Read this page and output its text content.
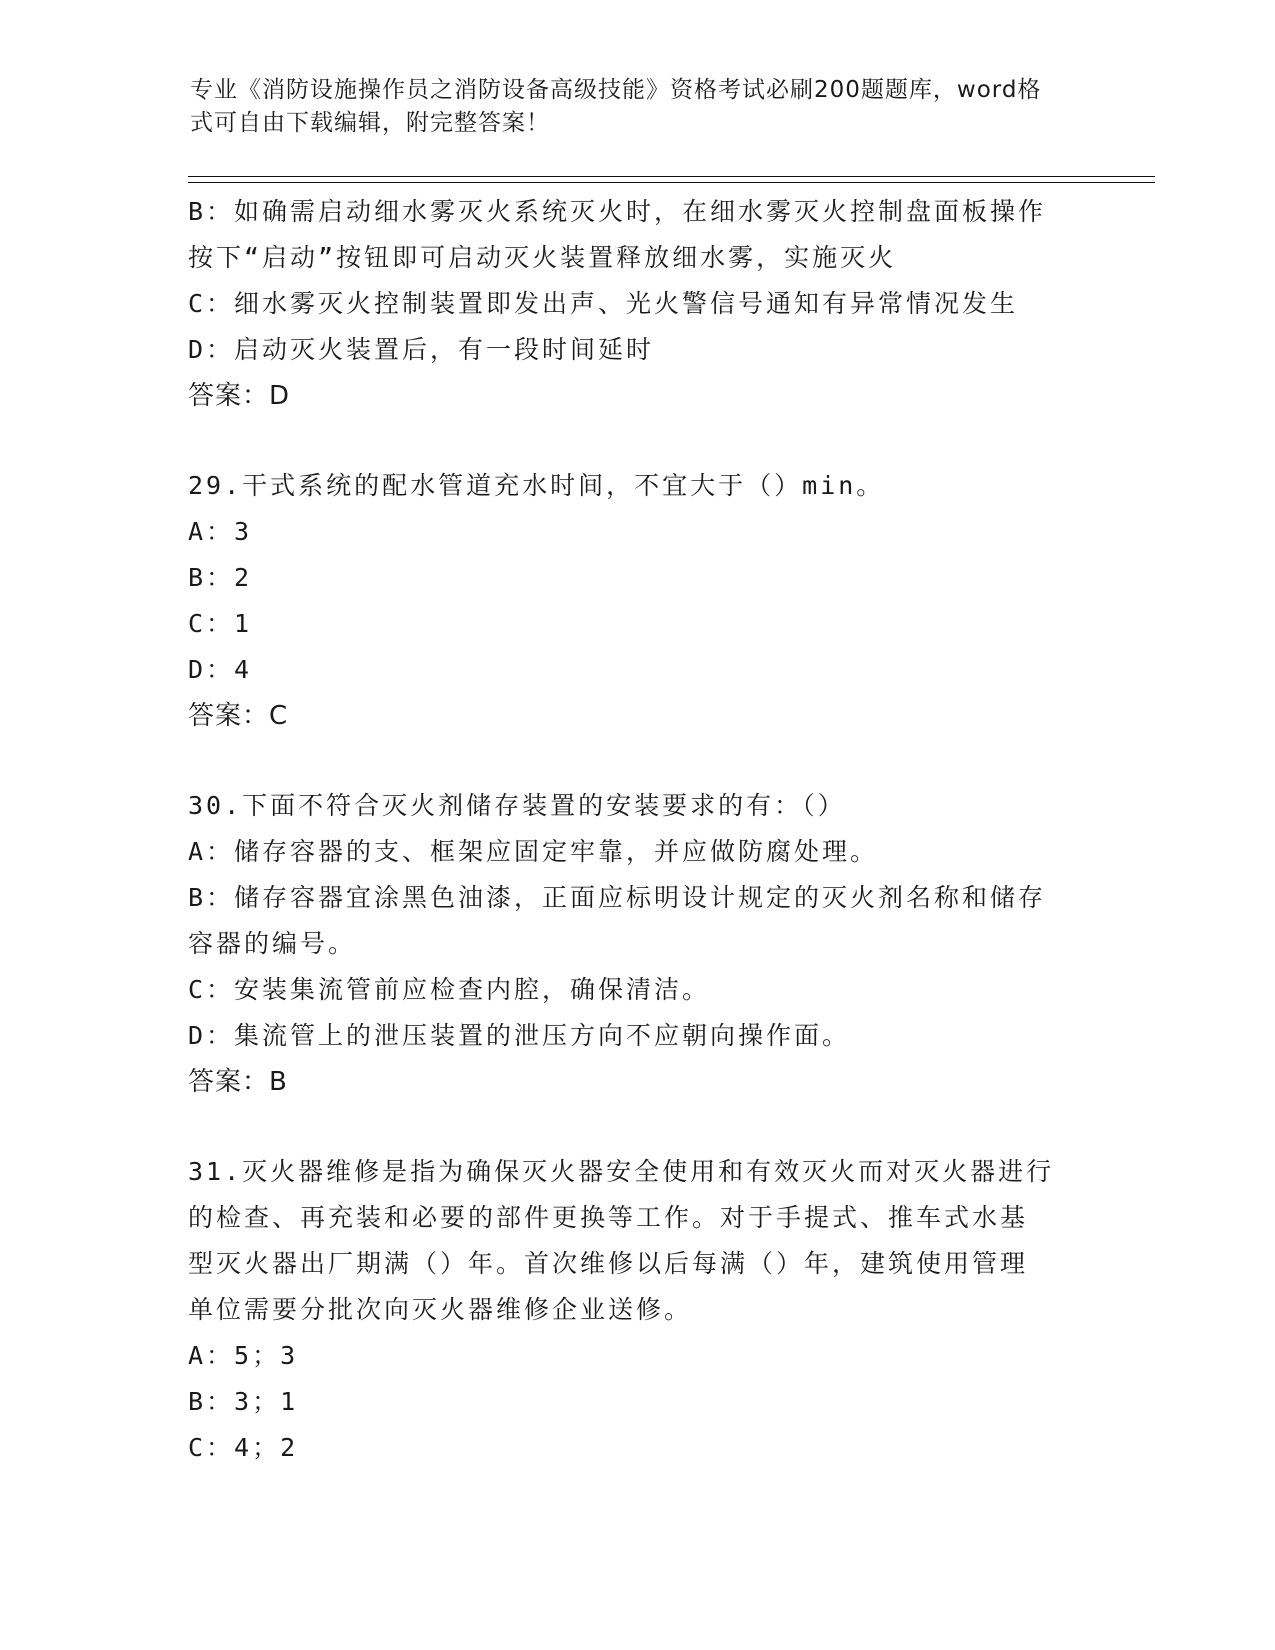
专业《消防设施操作员之消防设备高级技能》资格考试必刷200题题库，word格
式可自由下载编辑，附完整答案！

B：如确需启动细水雾灭火系统灭火时，在细水雾灭火控制盘面板操作

按下“启动”按钮即可启动灭火装置释放细水雾，实施灭火

C：细水雾灭火控制装置即发出声、光火警信号通知有异常情况发生

D：启动灭火装置后，有一段时间延时

答案：D

29.干式系统的配水管道充水时间，不宜大于（）min。

A：3

B：2

C：1

D：4

答案：C

30.下面不符合灭火剂储存装置的安装要求的有：（）

A：储存容器的支、框架应固定牢靠，并应做防腐处理。

B：储存容器宜涂黑色油漆，正面应标明设计规定的灭火剂名称和储存

容器的编号。

C：安装集流管前应检查内腔，确保清洁。

D：集流管上的泄压装置的泄压方向不应朝向操作面。

答案：B

31.灭火器维修是指为确保灭火器安全使用和有效灭火而对灭火器进行

的检查、再充装和必要的部件更换等工作。对于手提式、推车式水基

型灭火器出厂期满（）年。首次维修以后每满（）年，建筑使用管理

单位需要分批次向灭火器维修企业送修。

A：5；3

B：3；1

C：4；2
